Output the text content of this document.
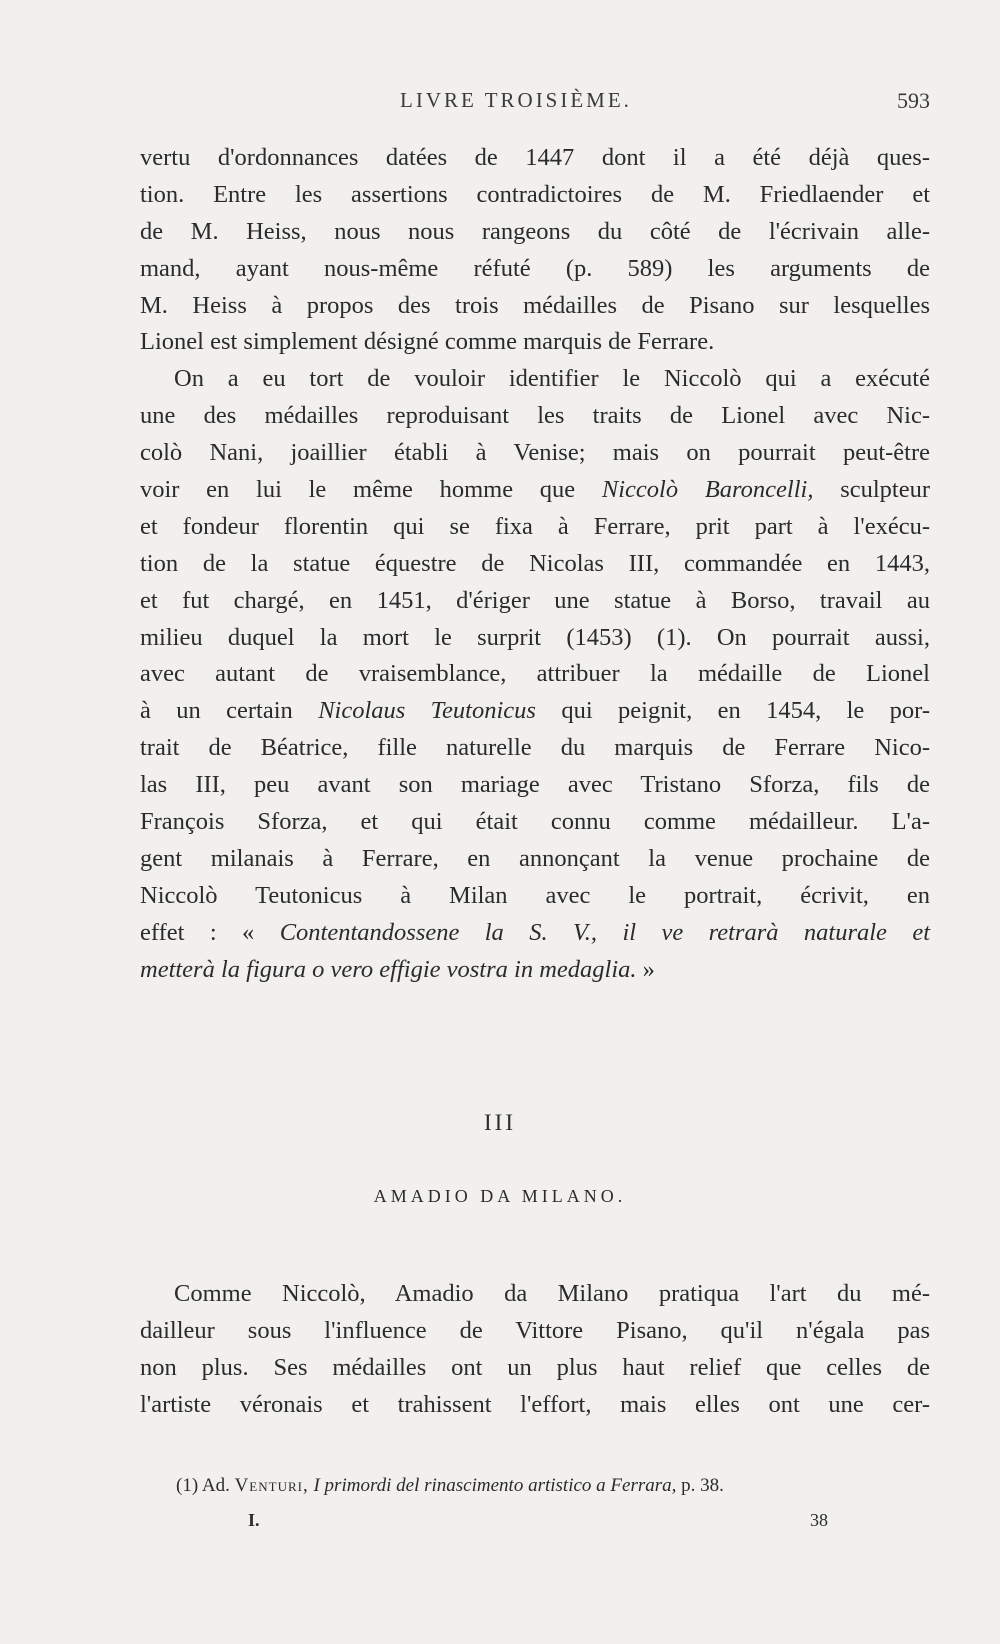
LIVRE TROISIÈME.	593
vertu d'ordonnances datées de 1447 dont il a été déjà ques-
tion. Entre les assertions contradictoires de M. Friedlaender et
de M. Heiss, nous nous rangeons du côté de l'écrivain alle-
mand, ayant nous-même réfuté (p. 589) les arguments de
M. Heiss à propos des trois médailles de Pisano sur lesquelles
Lionel est simplement désigné comme marquis de Ferrare.
On a eu tort de vouloir identifier le Niccolò qui a exécuté
une des médailles reproduisant les traits de Lionel avec Nic-
colò Nani, joaillier établi à Venise; mais on pourrait peut-être
voir en lui le même homme que Niccolò Baroncelli, sculpteur
et fondeur florentin qui se fixa à Ferrare, prit part à l'exécu-
tion de la statue équestre de Nicolas III, commandée en 1443,
et fut chargé, en 1451, d'ériger une statue à Borso, travail au
milieu duquel la mort le surprit (1453) (1). On pourrait aussi,
avec autant de vraisemblance, attribuer la médaille de Lionel
à un certain Nicolaus Teutonicus qui peignit, en 1454, le por-
trait de Béatrice, fille naturelle du marquis de Ferrare Nico-
las III, peu avant son mariage avec Tristano Sforza, fils de
François Sforza, et qui était connu comme médailleur. L'a-
gent milanais à Ferrare, en annonçant la venue prochaine de
Niccolò Teutonicus à Milan avec le portrait, écrivit, en
effet : « Contentandossene la S. V., il ve retrarà naturale et
metterà la figura o vero effigie vostra in medaglia. »
III
AMADIO DA MILANO.
Comme Niccolò, Amadio da Milano pratiqua l'art du mé-
dailleur sous l'influence de Vittore Pisano, qu'il n'égala pas
non plus. Ses médailles ont un plus haut relief que celles de
l'artiste véronais et trahissent l'effort, mais elles ont une cer-
(1) Ad. Venturi, I primordi del rinascimento artistico a Ferrara, p. 38.
I.	38
